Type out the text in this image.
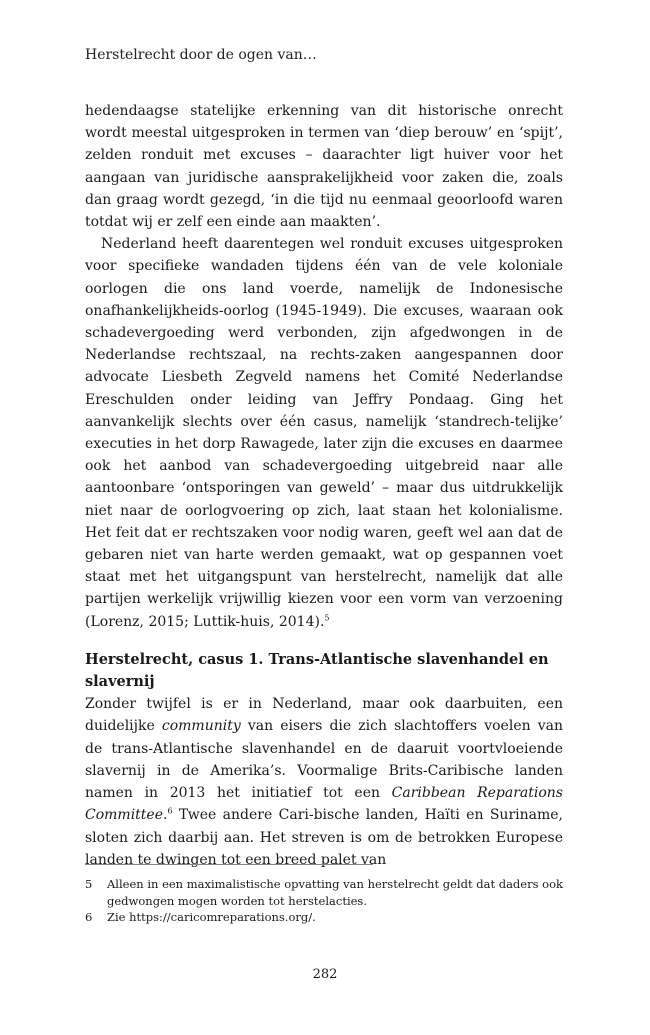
Herstelrecht door de ogen van…

hedendaagse statelijke erkenning van dit historische onrecht wordt meestal uitgesproken in termen van ‘diep berouw’ en ‘spijt’, zelden ronduit met excuses – daarachter ligt huiver voor het aangaan van juridische aansprakelijkheid voor zaken die, zoals dan graag wordt gezegd, ‘in die tijd nu eenmaal geoorloofd waren totdat wij er zelf een einde aan maakten’.

Nederland heeft daarentegen wel ronduit excuses uitgesproken voor specifieke wandaden tijdens één van de vele koloniale oorlogen die ons land voerde, namelijk de Indonesische onafhankelijkheids-oorlog (1945-1949). Die excuses, waaraan ook schadevergoeding werd verbonden, zijn afgedwongen in de Nederlandse rechtszaal, na rechts-zaken aangespannen door advocate Liesbeth Zegveld namens het Comité Nederlandse Ereschulden onder leiding van Jeffry Pondaag. Ging het aanvankelijk slechts over één casus, namelijk ‘standrech-telijke’ executies in het dorp Rawagede, later zijn die excuses en daarmee ook het aanbod van schadevergoeding uitgebreid naar alle aantoonbare ‘ontsporingen van geweld’ – maar dus uitdrukkelijk niet naar de oorlogvoering op zich, laat staan het kolonialisme. Het feit dat er rechtszaken voor nodig waren, geeft wel aan dat de gebaren niet van harte werden gemaakt, wat op gespannen voet staat met het uitgangspunt van herstelrecht, namelijk dat alle partijen werkelijk vrijwillig kiezen voor een vorm van verzoening (Lorenz, 2015; Luttik-huis, 2014).$^5$

Herstelrecht, casus 1. Trans-Atlantische slavenhandel en slavernij

Zonder twijfel is er in Nederland, maar ook daarbuiten, een duidelijke community van eisers die zich slachtoffers voelen van de trans-Atlantische slavenhandel en de daaruit voortvloeiende slavernij in de Amerika’s. Voormalige Brits-Caribische landen namen in 2013 het initiatief tot een Caribbean Reparations Committee.$^6$ Twee andere Cari-bische landen, Haïti en Suriname, sloten zich daarbij aan. Het streven is om de betrokken Europese landen te dwingen tot een breed palet van

5	Alleen in een maximalistische opvatting van herstelrecht geldt dat daders ook gedwongen mogen worden tot herstelacties.
6	Zie https://caricomreparations.org/.
282
